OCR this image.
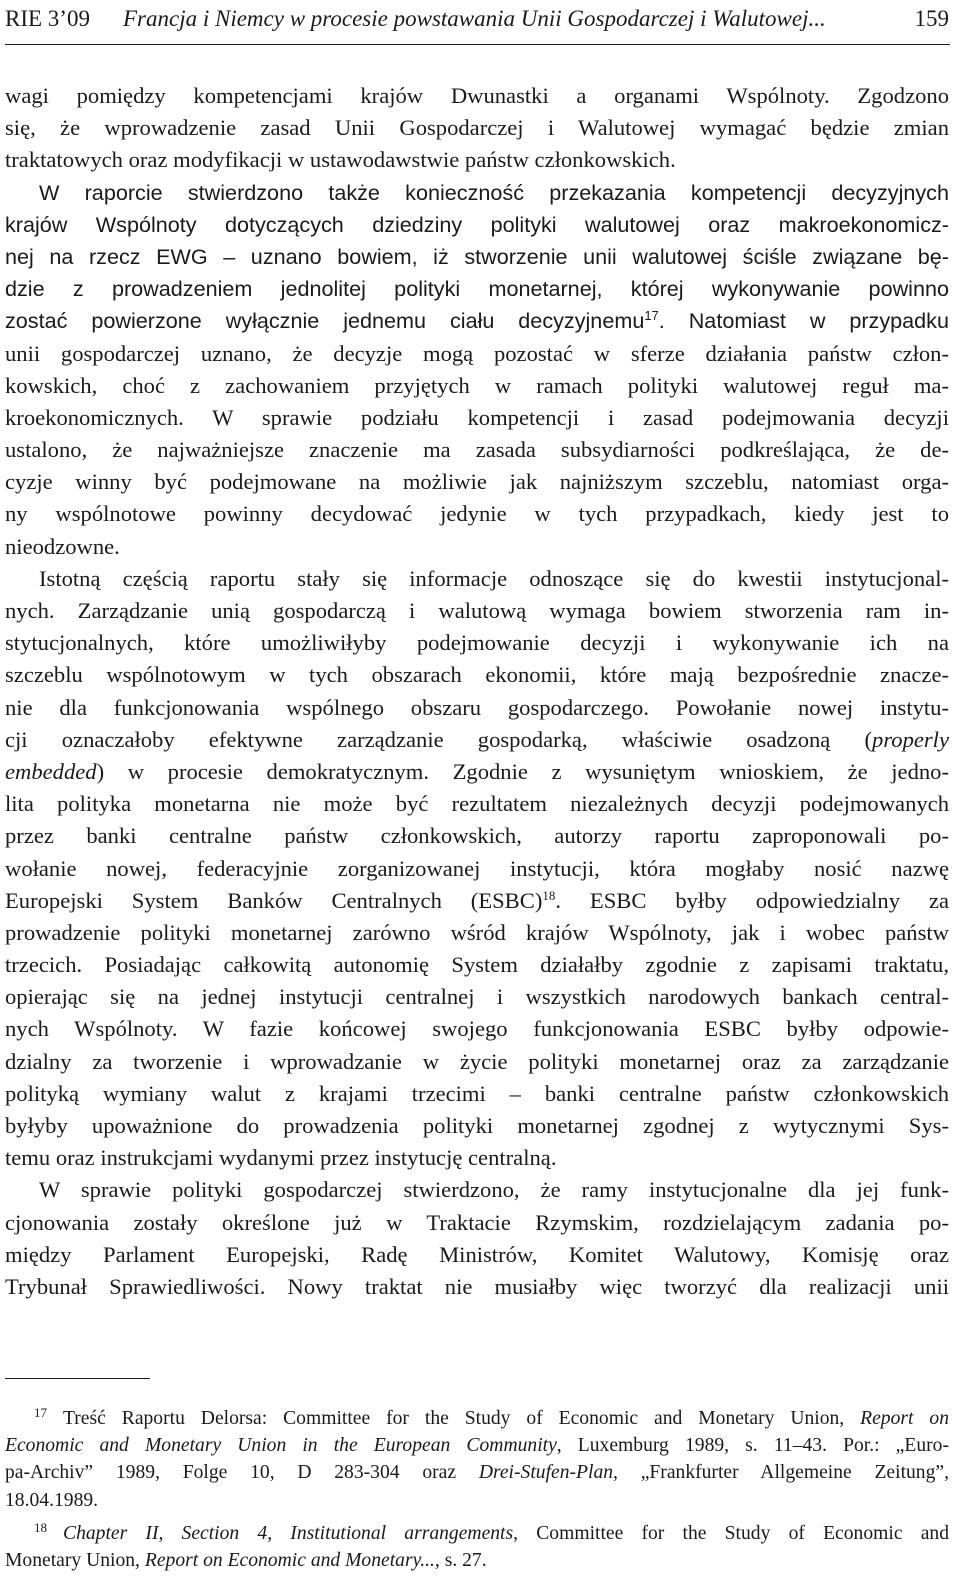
RIE 3’09 Francja i Niemcy w procesie powstawania Unii Gospodarczej i Walutowej...	159
wagi pomiędzy kompetencjami krajów Dwunastki a organami Wspólnoty. Zgodzono
się, że wprowadzenie zasad Unii Gospodarczej i Walutowej wymagać będzie zmian
traktatowych oraz modyfikacji w ustawodawstwie państw członkowskich.
W raporcie stwierdzono także konieczność przekazania kompetencji decyzyjnych
krajów Wspólnoty dotyczących dziedziny polityki walutowej oraz makroekonomicz-
nej na rzecz EWG – uznano bowiem, iż stworzenie unii walutowej ściśle związane bę-
dzie z prowadzeniem jednolitej polityki monetarnej, której wykonywanie powinno
zostać powierzone wyłącznie jednemu ciału decyzyjnemu$^{17}$. Natomiast w przypadku
unii gospodarczej uznano, że decyzje mogą pozostać w sferze działania państw człon-
kowskich, choć z zachowaniem przyjętych w ramach polityki walutowej reguł ma-
kroekonomicznych. W sprawie podziału kompetencji i zasad podejmowania decyzji
ustalono, że najważniejsze znaczenie ma zasada subsydiarności podkreślająca, że de-
cyzje winny być podejmowane na możliwie jak najniższym szczeblu, natomiast orga-
ny wspólnotowe powinny decydować jedynie w tych przypadkach, kiedy jest to
nieodzowne.
Istotną częścią raportu stały się informacje odnoszące się do kwestii instytucjonal-
nych. Zarządzanie unią gospodarczą i walutową wymaga bowiem stworzenia ram in-
stytucjonalnych, które umożliwiłyby podejmowanie decyzji i wykonywanie ich na
szczeblu wspólnotowym w tych obszarach ekonomii, które mają bezpośrednie znacze-
nie dla funkcjonowania wspólnego obszaru gospodarczego. Powołanie nowej instytu-
cji oznaczałoby efektywne zarządzanie gospodarką, właściwie osadzoną (properly
embedded) w procesie demokratycznym. Zgodnie z wysuniętym wnioskiem, że jedno-
lita polityka monetarna nie może być rezultatem niezależnych decyzji podejmowanych
przez banki centralne państw członkowskich, autorzy raportu zaproponowali po-
wołanie nowej, federacyjnie zorganizowanej instytucji, która mogłaby nosić nazwę
Europejski System Banków Centralnych (ESBC)$^{18}$. ESBC byłby odpowiedzialny za
prowadzenie polityki monetarnej zarówno wśród krajów Wspólnoty, jak i wobec państw
trzecich. Posiadając całkowitą autonomię System działałby zgodnie z zapisami traktatu,
opierając się na jednej instytucji centralnej i wszystkich narodowych bankach central-
nych Wspólnoty. W fazie końcowej swojego funkcjonowania ESBC byłby odpowie-
dzialny za tworzenie i wprowadzanie w życie polityki monetarnej oraz za zarządzanie
polityką wymiany walut z krajami trzecimi – banki centralne państw członkowskich
byłyby upoważnione do prowadzenia polityki monetarnej zgodnej z wytycznymi Sys-
temu oraz instrukcjami wydanymi przez instytucję centralną.
W sprawie polityki gospodarczej stwierdzono, że ramy instytucjonalne dla jej funk-
cjonowania zostały określone już w Traktacie Rzymskim, rozdzielającym zadania po-
między Parlament Europejski, Radę Ministrów, Komitet Walutowy, Komisję oraz
Trybunał Sprawiedliwości. Nowy traktat nie musiałby więc tworzyć dla realizacji unii
17 Treść Raportu Delorsa: Committee for the Study of Economic and Monetary Union, Report on
Economic and Monetary Union in the European Community, Luxemburg 1989, s. 11–43. Por.: „Euro-
pa-Archiv” 1989, Folge 10, D 283-304 oraz Drei-Stufen-Plan, „Frankfurter Allgemeine Zeitung”,
18.04.1989.
18 Chapter II, Section 4, Institutional arrangements, Committee for the Study of Economic and
Monetary Union, Report on Economic and Monetary..., s. 27.
